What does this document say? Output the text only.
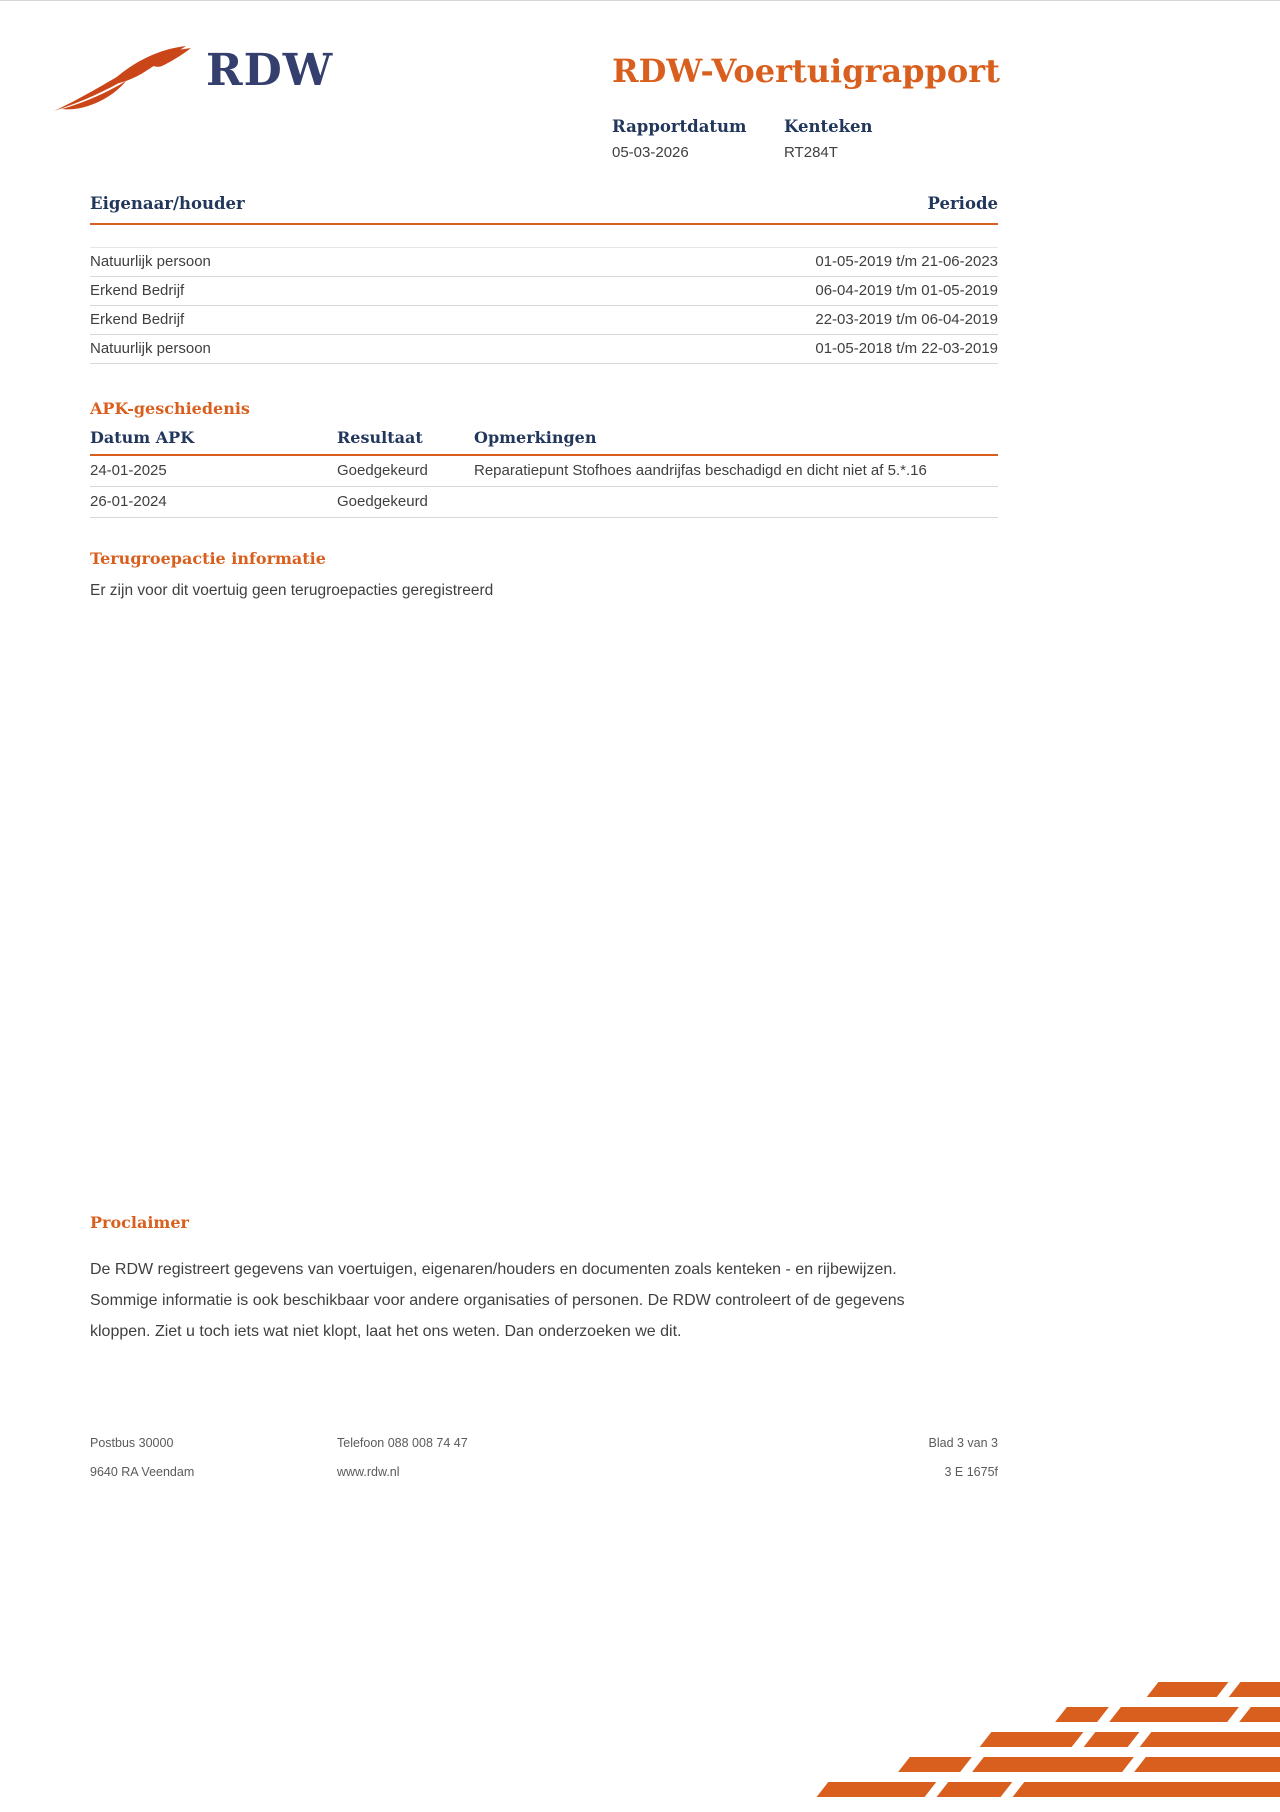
RDW	RDW-Voertuigrapport
Rapportdatum
05-03-2026
Kenteken
RT284T
Eigenaar/houder	Periode
Natuurlijk persoon	01-05-2019 t/m 21-06-2023
Erkend Bedrijf	06-04-2019 t/m 01-05-2019
Erkend Bedrijf	22-03-2019 t/m 06-04-2019
Natuurlijk persoon	01-05-2018 t/m 22-03-2019
APK-geschiedenis
Datum APK	Resultaat	Opmerkingen
24-01-2025	Goedgekeurd	Reparatiepunt Stofhoes aandrijfas beschadigd en dicht niet af 5.*.16
26-01-2024	Goedgekeurd
Terugroepactie informatie
Er zijn voor dit voertuig geen terugroepacties geregistreerd
Proclaimer

De RDW registreert gegevens van voertuigen, eigenaren/houders en documenten zoals kenteken - en rijbewijzen. Sommige informatie is ook beschikbaar voor andere organisaties of personen. De RDW controleert of de gegevens kloppen. Ziet u toch iets wat niet klopt, laat het ons weten. Dan onderzoeken we dit.

Postbus 30000	Telefoon 088 008 74 47	Blad 3 van 3
9640 RA Veendam	www.rdw.nl	3 E 1675f
